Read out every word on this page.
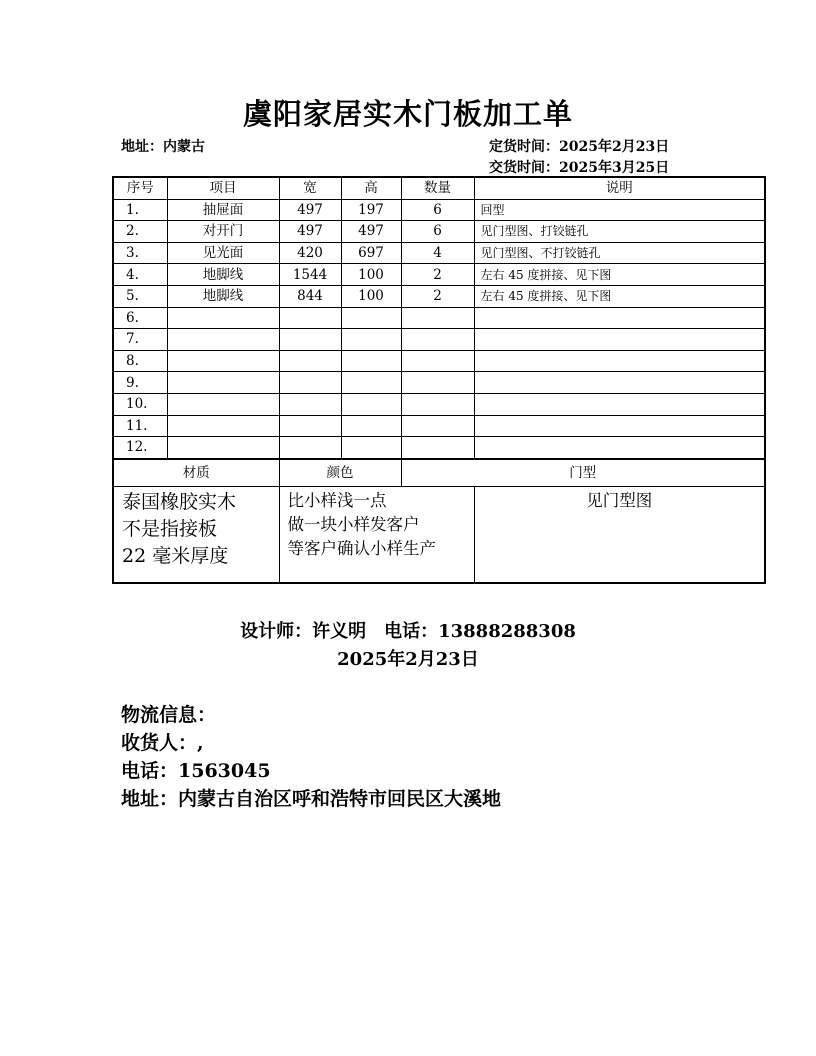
虞阳家居实木门板加工单
地址：内蒙古	定货时间：2025年2月23日
交货时间：2025年3月25日
序号	项目	宽	高	数量	说明
1.	抽屉面	497	197	6	回型
2.	对开门	497	497	6	见门型图、打铰链孔
3.	见光面	420	697	4	见门型图、不打铰链孔
4.	地脚线	1544	100	2	左右 45 度拼接、见下图
5.	地脚线	844	100	2	左右 45 度拼接、见下图
6.					
7.					
8.					
9.					
10.					
11.					
12.					
材质		颜色		门型	

泰国橡胶实木
不是指接板
22 毫米厚度		比小样浅一点
做一块小样发客户
等客户确认小样生产			见门型图
设计师：许义明　电话：13888288308
2025年2月23日
物流信息：
收货人：,
电话：1563045
地址：内蒙古自治区呼和浩特市回民区大溪地
